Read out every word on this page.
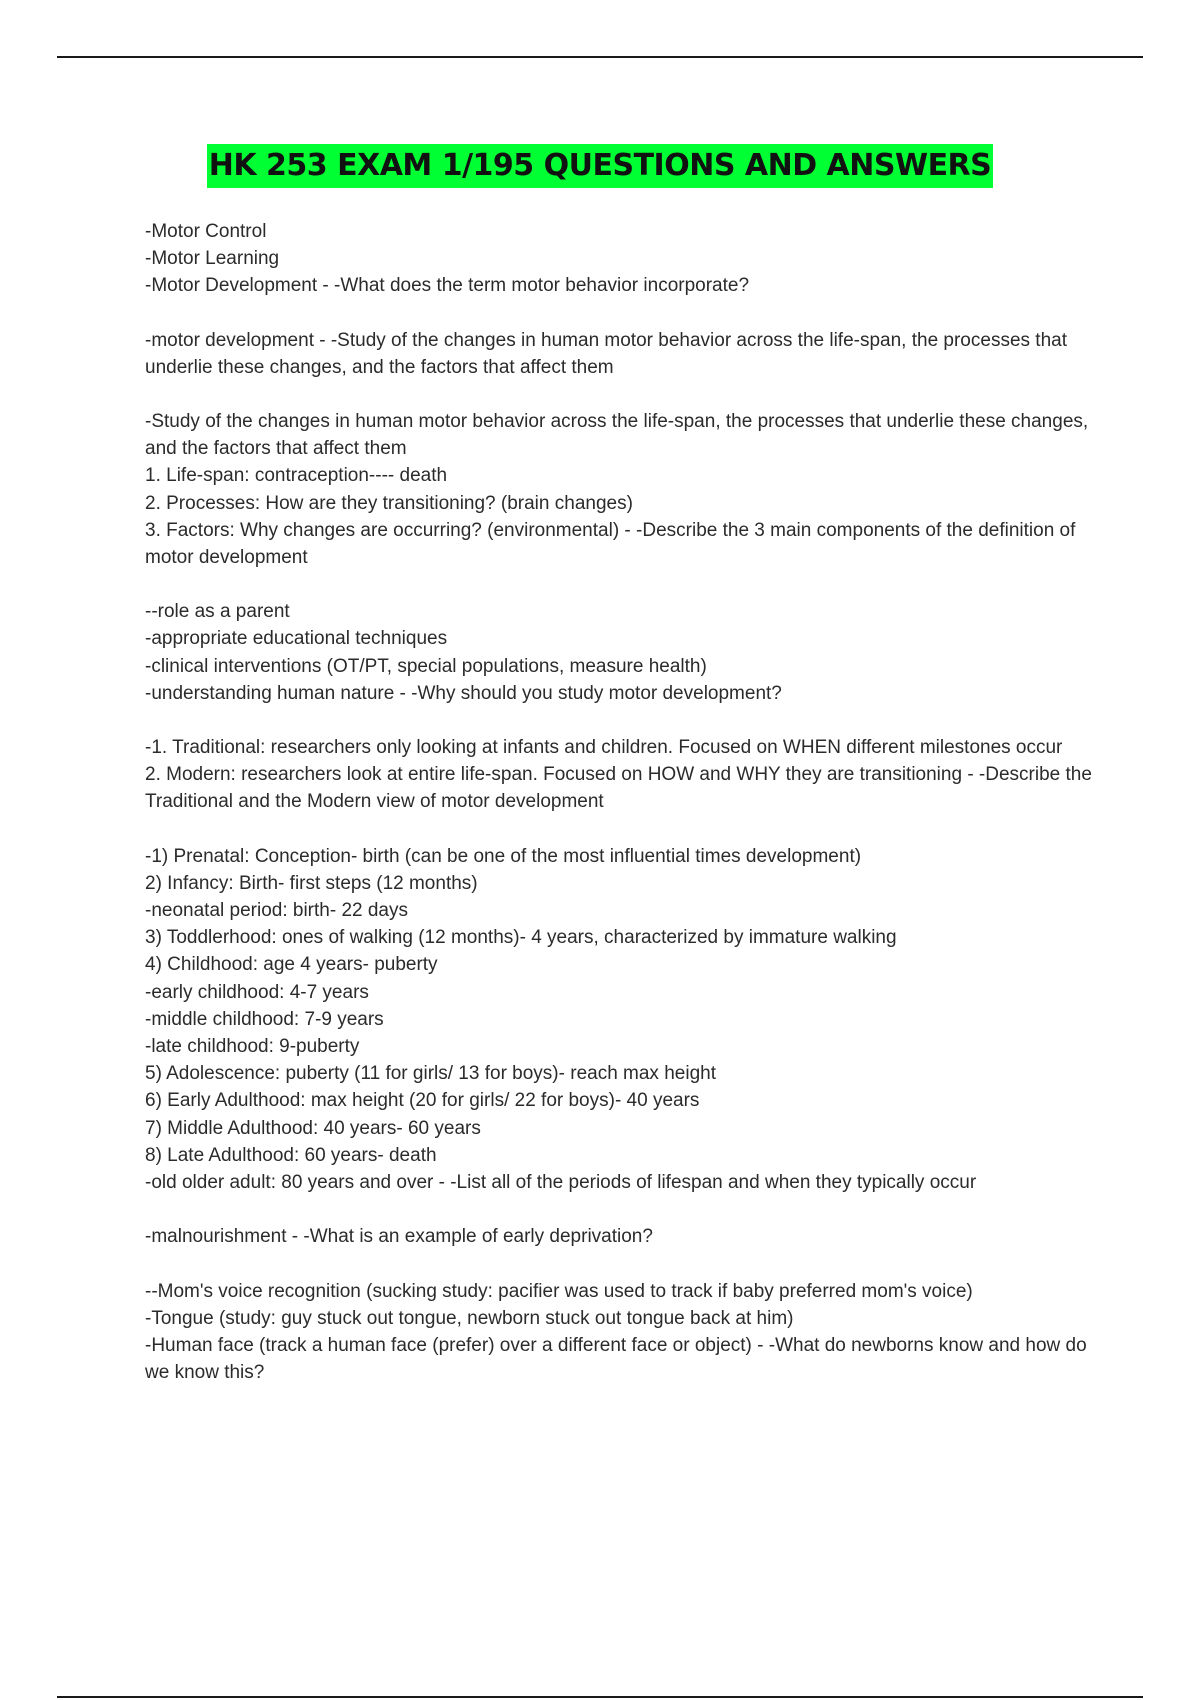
HK 253 EXAM 1/195 QUESTIONS AND ANSWERS
-Motor Control
-Motor Learning
-Motor Development - -What does the term motor behavior incorporate?
-motor development - -Study of the changes in human motor behavior across the life-span, the processes that underlie these changes, and the factors that affect them
-Study of the changes in human motor behavior across the life-span, the processes that underlie these changes, and the factors that affect them
1. Life-span: contraception---- death
2. Processes: How are they transitioning? (brain changes)
3. Factors: Why changes are occurring? (environmental) - -Describe the 3 main components of the definition of motor development
--role as a parent
-appropriate educational techniques
-clinical interventions (OT/PT, special populations, measure health)
-understanding human nature - -Why should you study motor development?
-1. Traditional: researchers only looking at infants and children. Focused on WHEN different milestones occur
2. Modern: researchers look at entire life-span. Focused on HOW and WHY they are transitioning - -Describe the Traditional and the Modern view of motor development
-1) Prenatal: Conception- birth (can be one of the most influential times development)
2) Infancy: Birth- first steps (12 months)
-neonatal period: birth- 22 days
3) Toddlerhood: ones of walking (12 months)- 4 years, characterized by immature walking
4) Childhood: age 4 years- puberty
-early childhood: 4-7 years
-middle childhood: 7-9 years
-late childhood: 9-puberty
5) Adolescence: puberty (11 for girls/ 13 for boys)- reach max height
6) Early Adulthood: max height (20 for girls/ 22 for boys)- 40 years
7) Middle Adulthood: 40 years- 60 years
8) Late Adulthood: 60 years- death
-old older adult: 80 years and over - -List all of the periods of lifespan and when they typically occur
-malnourishment - -What is an example of early deprivation?
--Mom's voice recognition (sucking study: pacifier was used to track if baby preferred mom's voice)
-Tongue (study: guy stuck out tongue, newborn stuck out tongue back at him)
-Human face (track a human face (prefer) over a different face or object) - -What do newborns know and how do we know this?
